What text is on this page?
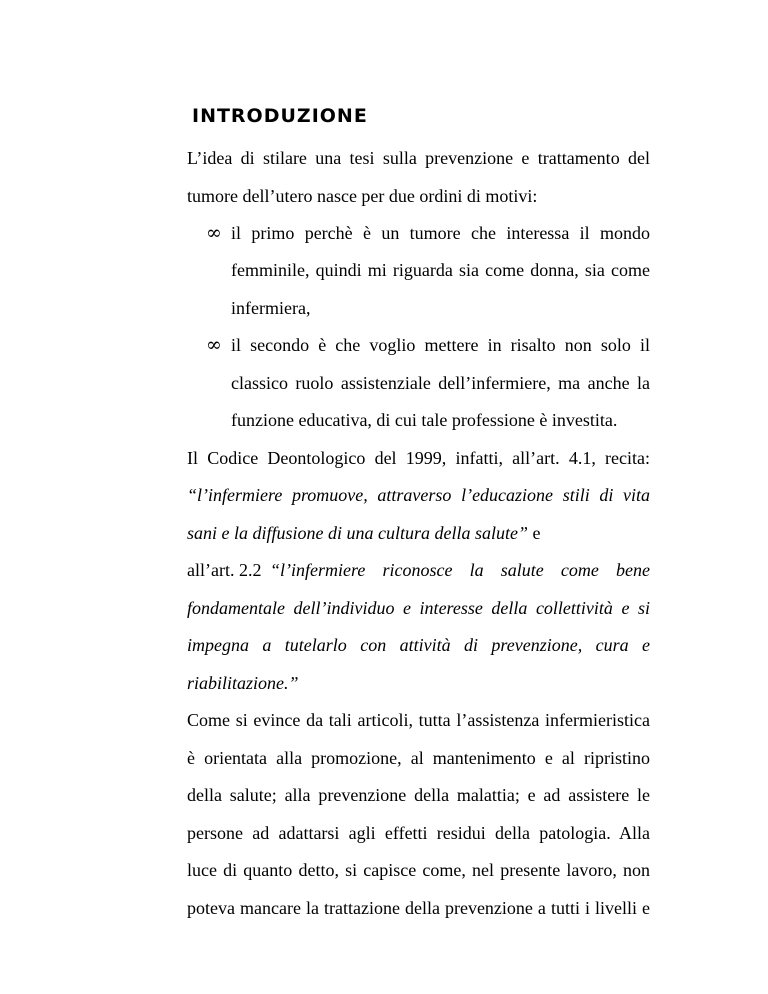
INTRODUZIONE
L’idea di stilare una tesi sulla prevenzione e trattamento del
tumore dell’utero nasce per due ordini di motivi:
∞ il primo perchè è un tumore che interessa il mondo
femminile, quindi mi riguarda sia come donna, sia come
infermiera,
∞ il secondo è che voglio mettere in risalto non solo il
classico ruolo assistenziale dell’infermiere, ma anche la
funzione educativa, di cui tale professione è investita.
Il Codice Deontologico del 1999, infatti, all’art. 4.1, recita:
“l’infermiere promuove, attraverso l’educazione stili di vita
sani e la diffusione di una cultura della salute” e
all’art. 2.2 “l’infermiere riconosce la salute come bene
fondamentale dell’individuo e interesse della collettività e si
impegna a tutelarlo con attività di prevenzione, cura e
riabilitazione.”
Come si evince da tali articoli, tutta l’assistenza infermieristica
è orientata alla promozione, al mantenimento e al ripristino
della salute; alla prevenzione della malattia; e ad assistere le
persone ad adattarsi agli effetti residui della patologia. Alla
luce di quanto detto, si capisce come, nel presente lavoro, non
poteva mancare la trattazione della prevenzione a tutti i livelli e
